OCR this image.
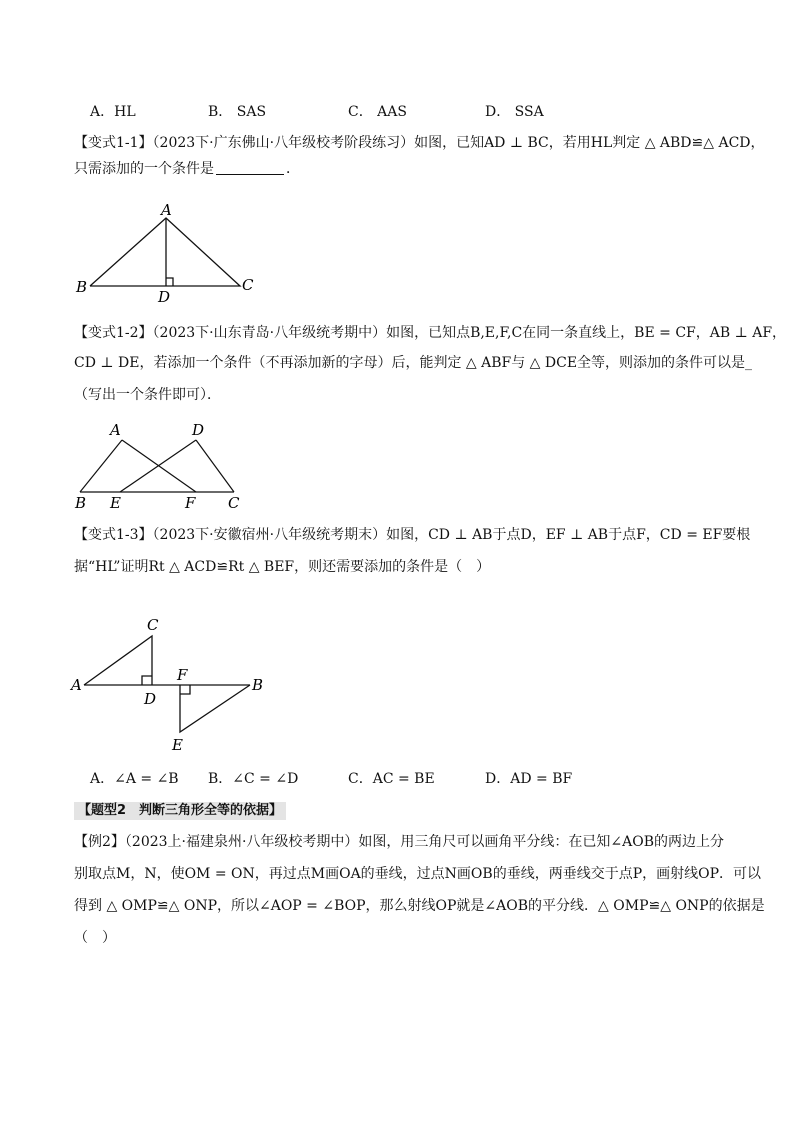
A．HL	B． SAS	C． AAS	D． SSA
【变式1-1】（2023下·广东佛山·八年级校考阶段练习）如图，已知AD ⊥ BC，若用HL判定 △ ABD≌△ ACD，
只需添加的一个条件是	．
A
B	C
D
【变式1-2】（2023下·山东青岛·八年级统考期中）如图，已知点B,E,F,C在同一条直线上，BE = CF，AB ⊥ AF，
CD ⊥ DE，若添加一个条件（不再添加新的字母）后，能判定 △ ABF与 △ DCE全等，则添加的条件可以是_
（写出一个条件即可）．
A	D
B E	F C
【变式1-3】（2023下·安徽宿州·八年级统考期末）如图，CD ⊥ AB于点D，EF ⊥ AB于点F，CD = EF要根
据“HL”证明Rt △ ACD≌Rt △ BEF，则还需要添加的条件是（　）
C
A
D
F
B
E
A．∠A = ∠B B．∠C = ∠D	C．AC = BE	D．AD = BF
【题型2　判断三角形全等的依据】
【例2】（2023上·福建泉州·八年级校考期中）如图，用三角尺可以画角平分线：在已知∠AOB的两边上分
别取点M，N，使OM = ON，再过点M画OA的垂线，过点N画OB的垂线，两垂线交于点P，画射线OP．可以
得到 △ OMP≌△ ONP，所以∠AOP = ∠BOP，那么射线OP就是∠AOB的平分线．△ OMP≌△ ONP的依据是
（　）
